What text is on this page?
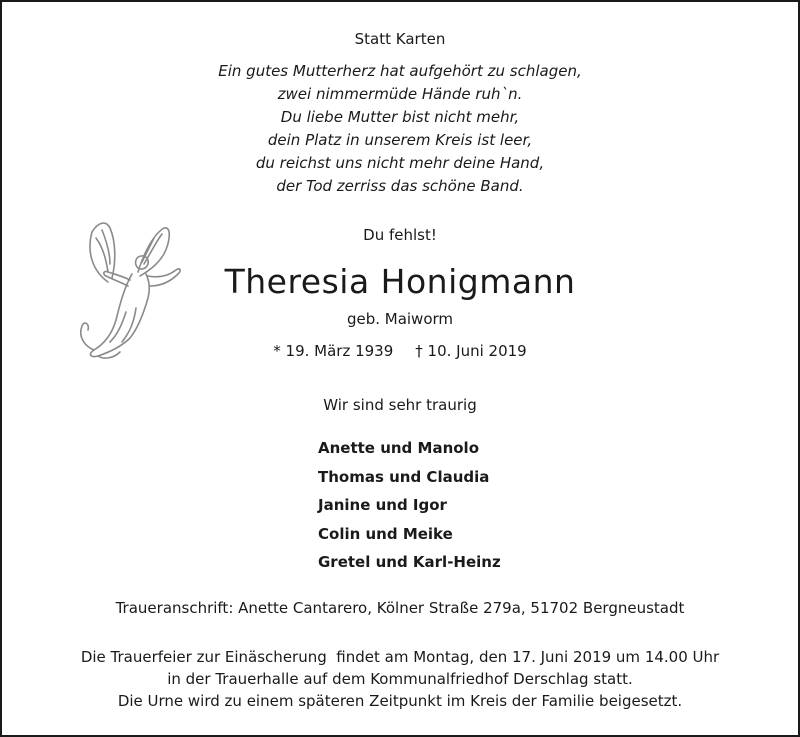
Statt Karten
Ein gutes Mutterherz hat aufgehört zu schlagen,
zwei nimmermüde Hände ruh`n.
Du liebe Mutter bist nicht mehr,
dein Platz in unserem Kreis ist leer,
du reichst uns nicht mehr deine Hand,
der Tod zerriss das schöne Band.
Du fehlst!
Theresia Honigmann
geb. Maiworm
* 19. März 1939 † 10. Juni 2019
Wir sind sehr traurig
Anette und Manolo
Thomas und Claudia
Janine und Igor
Colin und Meike
Gretel und Karl-Heinz
Traueranschrift: Anette Cantarero, Kölner Straße 279a, 51702 Bergneustadt
Die Trauerfeier zur Einäscherung  findet am Montag, den 17. Juni 2019 um 14.00 Uhr
in der Trauerhalle auf dem Kommunalfriedhof Derschlag statt.
Die Urne wird zu einem späteren Zeitpunkt im Kreis der Familie beigesetzt.
